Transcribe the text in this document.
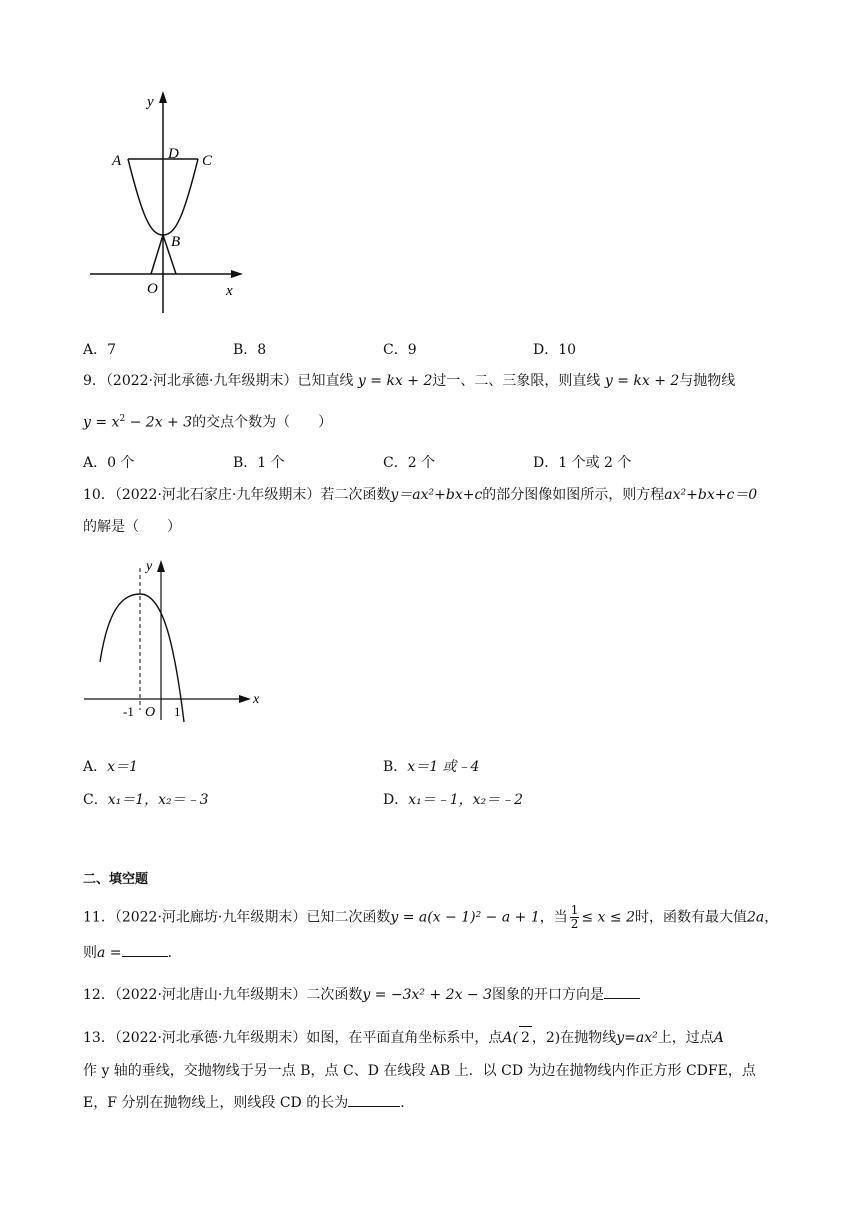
y
A	D C
B
O	x
A．7	B．8	C．9	D．10
9．（2022·河北承德·九年级期末）已知直线 y = kx + 2过一、二、三象限，则直线 y = kx + 2与抛物线
$y = x^2 - 2x + 3$的交点个数为（　　）
A．0 个	B．1 个	C．2 个	D．1 个或 2 个
10．（2022·河北石家庄·九年级期末）若二次函数y＝ax²+bx+c的部分图像如图所示，则方程ax²+bx+c＝0
的解是（　　）
y
-1 O 1
x
A．x＝1	B．x＝1 或﹣4
C．x₁＝1，x₂＝﹣3	D．x₁＝﹣1，x₂＝﹣2
二、填空题
11．（2022·河北廊坊·九年级期末）已知二次函数y = a(x − 1)² − a + 1，当 $\frac{1}{2} \le x \le 2$时，函数有最大值2a，
则a =	.
12．（2022·河北唐山·九年级期末）二次函数y = −3x² + 2x − 3图象的开口方向是
13．（2022·河北承德·九年级期末）如图，在平面直角坐标系中，点A( 2 ，2)在抛物线y=ax²上，过点A
作 y 轴的垂线，交抛物线于另一点 B，点 C、D 在线段 AB 上．以 CD 为边在抛物线内作正方形 CDFE，点
E，F 分别在抛物线上，则线段 CD 的长为	.
